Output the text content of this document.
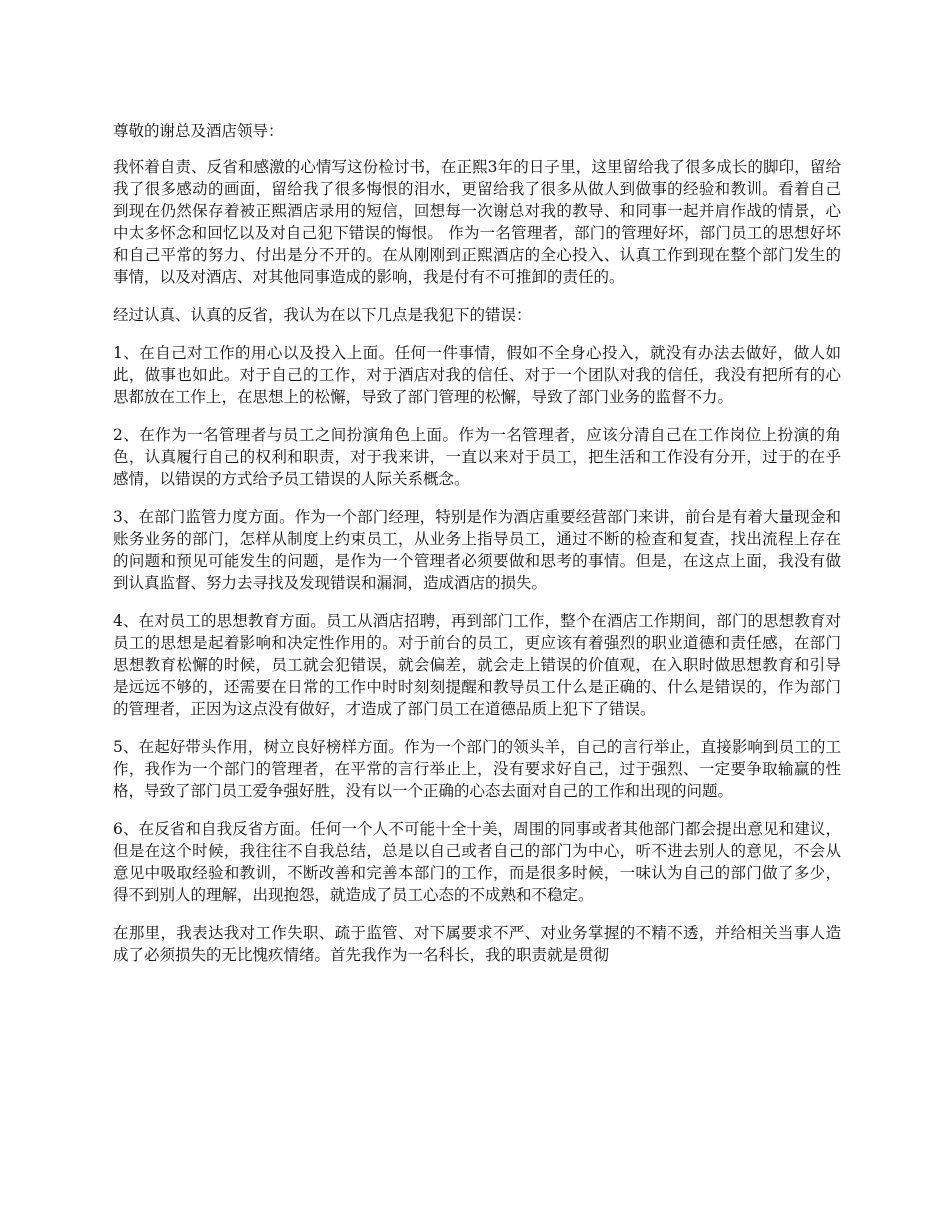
尊敬的谢总及酒店领导：

我怀着自责、反省和感激的心情写这份检讨书，在正熙3年的日子里，这里留给我了很多成长的脚印，留给我了很多感动的画面，留给我了很多悔恨的泪水，更留给我了很多从做人到做事的经验和教训。看着自己到现在仍然保存着被正熙酒店录用的短信，回想每一次谢总对我的教导、和同事一起并肩作战的情景，心中太多怀念和回忆以及对自己犯下错误的悔恨。 作为一名管理者，部门的管理好坏，部门员工的思想好坏和自己平常的努力、付出是分不开的。在从刚刚到正熙酒店的全心投入、认真工作到现在整个部门发生的事情，以及对酒店、对其他同事造成的影响，我是付有不可推卸的责任的。

经过认真、认真的反省，我认为在以下几点是我犯下的错误：

1、在自己对工作的用心以及投入上面。任何一件事情，假如不全身心投入，就没有办法去做好，做人如此，做事也如此。对于自己的工作，对于酒店对我的信任、对于一个团队对我的信任，我没有把所有的心思都放在工作上，在思想上的松懈，导致了部门管理的松懈，导致了部门业务的监督不力。

2、在作为一名管理者与员工之间扮演角色上面。作为一名管理者，应该分清自己在工作岗位上扮演的角色，认真履行自己的权利和职责，对于我来讲，一直以来对于员工，把生活和工作没有分开，过于的在乎感情，以错误的方式给予员工错误的人际关系概念。

3、在部门监管力度方面。作为一个部门经理，特别是作为酒店重要经营部门来讲，前台是有着大量现金和账务业务的部门，怎样从制度上约束员工，从业务上指导员工，通过不断的检查和复查，找出流程上存在的问题和预见可能发生的问题，是作为一个管理者必须要做和思考的事情。但是，在这点上面，我没有做到认真监督、努力去寻找及发现错误和漏洞，造成酒店的损失。

4、在对员工的思想教育方面。员工从酒店招聘，再到部门工作，整个在酒店工作期间，部门的思想教育对员工的思想是起着影响和决定性作用的。对于前台的员工，更应该有着强烈的职业道德和责任感，在部门思想教育松懈的时候，员工就会犯错误，就会偏差，就会走上错误的价值观，在入职时做思想教育和引导是远远不够的，还需要在日常的工作中时时刻刻提醒和教导员工什么是正确的、什么是错误的，作为部门的管理者，正因为这点没有做好，才造成了部门员工在道德品质上犯下了错误。

5、在起好带头作用，树立良好榜样方面。作为一个部门的领头羊，自己的言行举止，直接影响到员工的工作，我作为一个部门的管理者，在平常的言行举止上，没有要求好自己，过于强烈、一定要争取输赢的性格，导致了部门员工爱争强好胜，没有以一个正确的心态去面对自己的工作和出现的问题。

6、在反省和自我反省方面。任何一个人不可能十全十美，周围的同事或者其他部门都会提出意见和建议，但是在这个时候，我往往不自我总结，总是以自己或者自己的部门为中心，听不进去别人的意见，不会从意见中吸取经验和教训，不断改善和完善本部门的工作，而是很多时候，一味认为自己的部门做了多少，得不到别人的理解，出现抱怨，就造成了员工心态的不成熟和不稳定。

在那里，我表达我对工作失职、疏于监管、对下属要求不严、对业务掌握的不精不透，并给相关当事人造成了必须损失的无比愧疚情绪。首先我作为一名科长，我的职责就是贯彻
